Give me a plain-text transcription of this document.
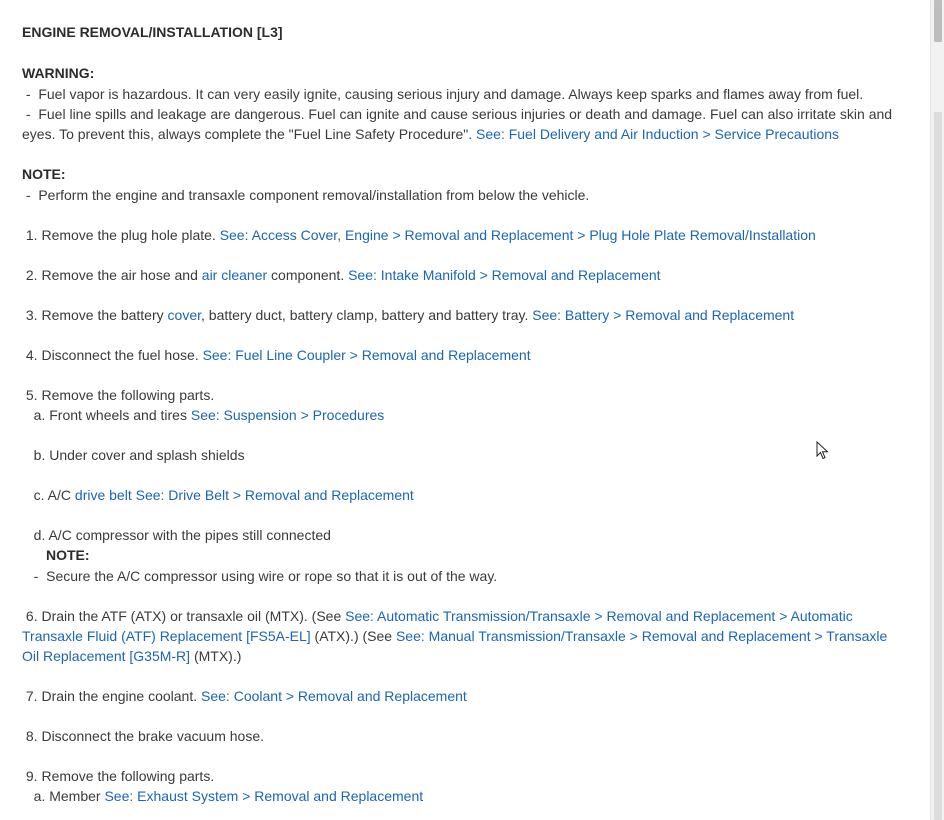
ENGINE REMOVAL/INSTALLATION [L3]
WARNING:
-  Fuel vapor is hazardous. It can very easily ignite, causing serious injury and damage. Always keep sparks and flames away from fuel.
-  Fuel line spills and leakage are dangerous. Fuel can ignite and cause serious injuries or death and damage. Fuel can also irritate skin and eyes. To prevent this, always complete the "Fuel Line Safety Procedure". See: Fuel Delivery and Air Induction > Service Precautions
NOTE:
-  Perform the engine and transaxle component removal/installation from below the vehicle.
1. Remove the plug hole plate. See: Access Cover, Engine > Removal and Replacement > Plug Hole Plate Removal/Installation
2. Remove the air hose and air cleaner component. See: Intake Manifold > Removal and Replacement
3. Remove the battery cover, battery duct, battery clamp, battery and battery tray. See: Battery > Removal and Replacement
4. Disconnect the fuel hose. See: Fuel Line Coupler > Removal and Replacement
5. Remove the following parts.
a. Front wheels and tires See: Suspension > Procedures
b. Under cover and splash shields
c. A/C drive belt See: Drive Belt > Removal and Replacement
d. A/C compressor with the pipes still connected
NOTE:
-  Secure the A/C compressor using wire or rope so that it is out of the way.
6. Drain the ATF (ATX) or transaxle oil (MTX). (See See: Automatic Transmission/Transaxle > Removal and Replacement > Automatic Transaxle Fluid (ATF) Replacement [FS5A-EL] (ATX).) (See See: Manual Transmission/Transaxle > Removal and Replacement > Transaxle Oil Replacement [G35M-R] (MTX).)
7. Drain the engine coolant. See: Coolant > Removal and Replacement
8. Disconnect the brake vacuum hose.
9. Remove the following parts.
a. Member See: Exhaust System > Removal and Replacement
